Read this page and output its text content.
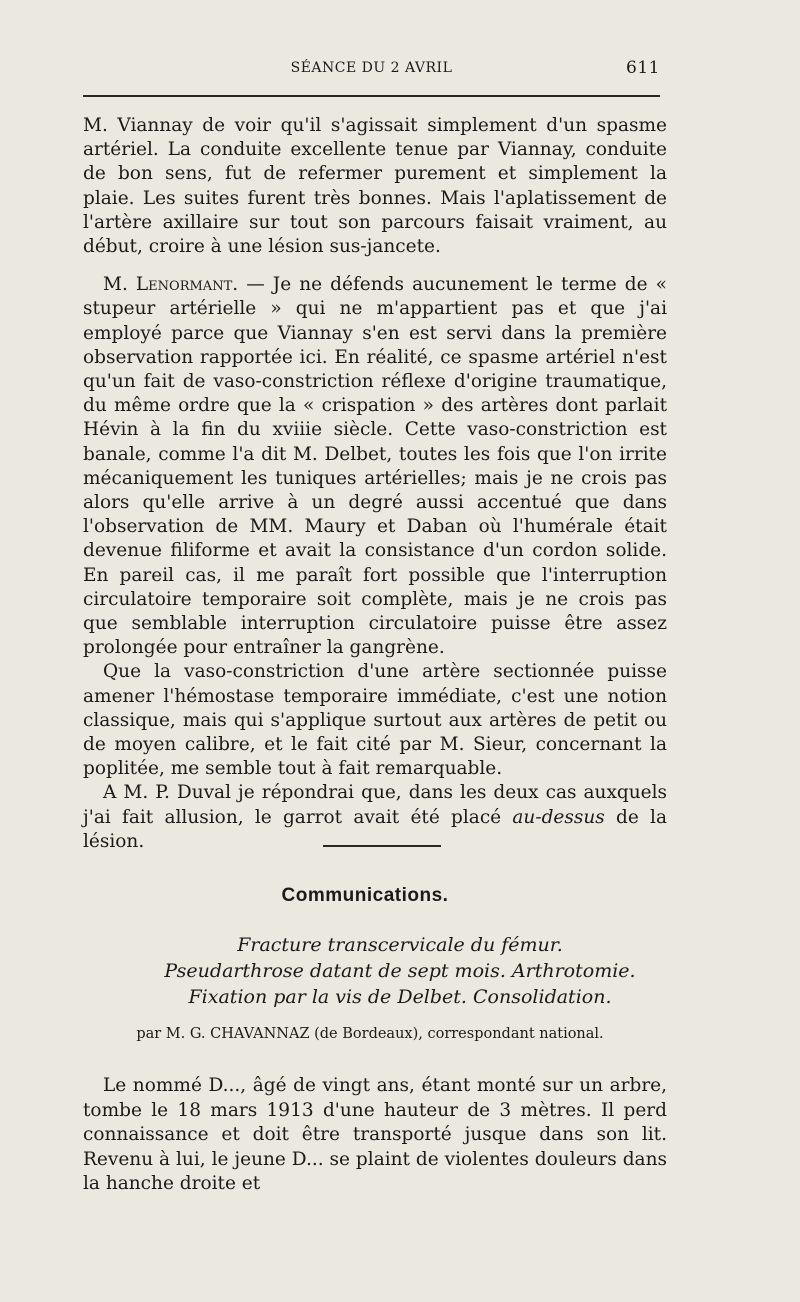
SÉANCE DU 2 AVRIL	611

M. Viannay de voir qu'il s'agissait simplement d'un spasme artériel. La conduite excellente tenue par Viannay, conduite de bon sens, fut de refermer purement et simplement la plaie. Les suites furent très bonnes. Mais l'aplatissement de l'artère axillaire sur tout son parcours faisait vraiment, au début, croire à une lésion sus-jancete.

M. Lenormant. — Je ne défends aucunement le terme de « stupeur artérielle » qui ne m'appartient pas et que j'ai employé parce que Viannay s'en est servi dans la première observation rapportée ici. En réalité, ce spasme artériel n'est qu'un fait de vaso-constriction réflexe d'origine traumatique, du même ordre que la « crispation » des artères dont parlait Hévin à la fin du xviiie siècle. Cette vaso-constriction est banale, comme l'a dit M. Delbet, toutes les fois que l'on irrite mécaniquement les tuniques artérielles; mais je ne crois pas alors qu'elle arrive à un degré aussi accentué que dans l'observation de MM. Maury et Daban où l'humérale était devenue filiforme et avait la consistance d'un cordon solide. En pareil cas, il me paraît fort possible que l'interruption circulatoire temporaire soit complète, mais je ne crois pas que semblable interruption circulatoire puisse être assez prolongée pour entraîner la gangrène.

Que la vaso-constriction d'une artère sectionnée puisse amener l'hémostase temporaire immédiate, c'est une notion classique, mais qui s'applique surtout aux artères de petit ou de moyen calibre, et le fait cité par M. Sieur, concernant la poplitée, me semble tout à fait remarquable.

A M. P. Duval je répondrai que, dans les deux cas auxquels j'ai fait allusion, le garrot avait été placé au-dessus de la lésion.

Communications.
Fracture transcervicale du fémur.
Pseudarthrose datant de sept mois. Arthrotomie.
Fixation par la vis de Delbet. Consolidation.
par M. G. CHAVANNAZ (de Bordeaux), correspondant national.

Le nommé D..., âgé de vingt ans, étant monté sur un arbre, tombe le 18 mars 1913 d'une hauteur de 3 mètres. Il perd connaissance et doit être transporté jusque dans son lit. Revenu à lui, le jeune D... se plaint de violentes douleurs dans la hanche droite et
